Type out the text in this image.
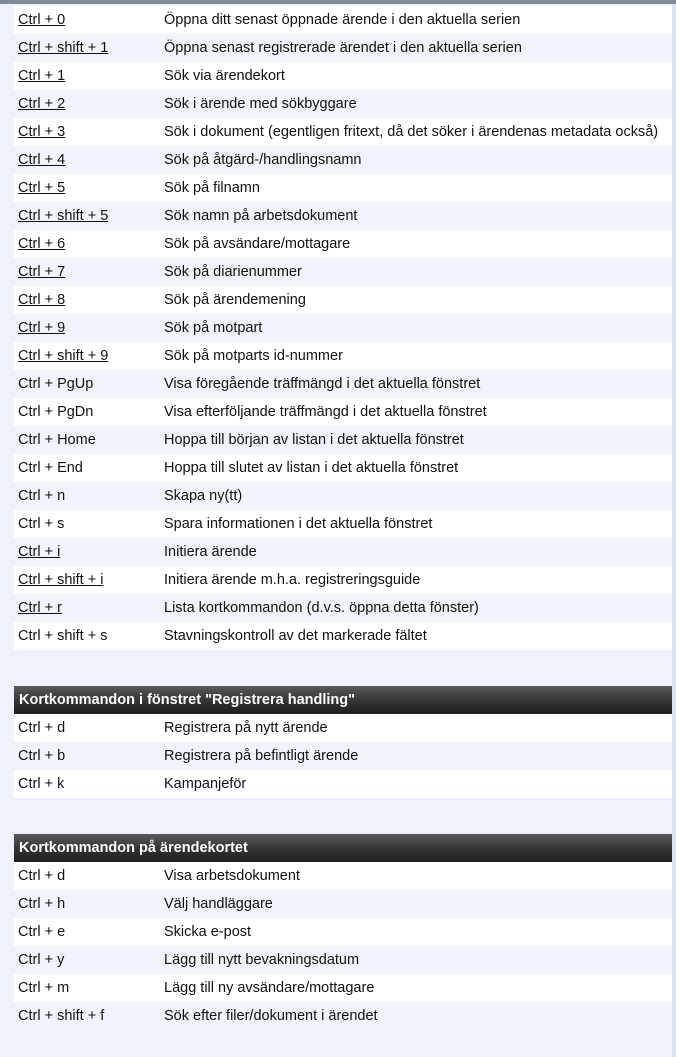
Ctrl + 0	Öppna ditt senast öppnade ärende i den aktuella serien
Ctrl + shift + 1	Öppna senast registrerade ärendet i den aktuella serien
Ctrl + 1	Sök via ärendekort
Ctrl + 2	Sök i ärende med sökbyggare
Ctrl + 3	Sök i dokument (egentligen fritext, då det söker i ärendenas metadata också)
Ctrl + 4	Sök på åtgärd-/handlingsnamn
Ctrl + 5	Sök på filnamn
Ctrl + shift + 5	Sök namn på arbetsdokument
Ctrl + 6	Sök på avsändare/mottagare
Ctrl + 7	Sök på diarienummer
Ctrl + 8	Sök på ärendemening
Ctrl + 9	Sök på motpart
Ctrl + shift + 9	Sök på motparts id-nummer
Ctrl + PgUp	Visa föregående träffmängd i det aktuella fönstret
Ctrl + PgDn	Visa efterföljande träffmängd i det aktuella fönstret
Ctrl + Home	Hoppa till början av listan i det aktuella fönstret
Ctrl + End	Hoppa till slutet av listan i det aktuella fönstret
Ctrl + n	Skapa ny(tt)
Ctrl + s	Spara informationen i det aktuella fönstret
Ctrl + i	Initiera ärende
Ctrl + shift + i	Initiera ärende m.h.a. registreringsguide
Ctrl + r	Lista kortkommandon (d.v.s. öppna detta fönster)
Ctrl + shift + s	Stavningskontroll av det markerade fältet
Kortkommandon i fönstret "Registrera handling"
Ctrl + d	Registrera på nytt ärende
Ctrl + b	Registrera på befintligt ärende
Ctrl + k	Kampanjeför
Kortkommandon på ärendekortet
Ctrl + d	Visa arbetsdokument
Ctrl + h	Välj handläggare
Ctrl + e	Skicka e-post
Ctrl + y	Lägg till nytt bevakningsdatum
Ctrl + m	Lägg till ny avsändare/mottagare
Ctrl + shift + f	Sök efter filer/dokument i ärendet
